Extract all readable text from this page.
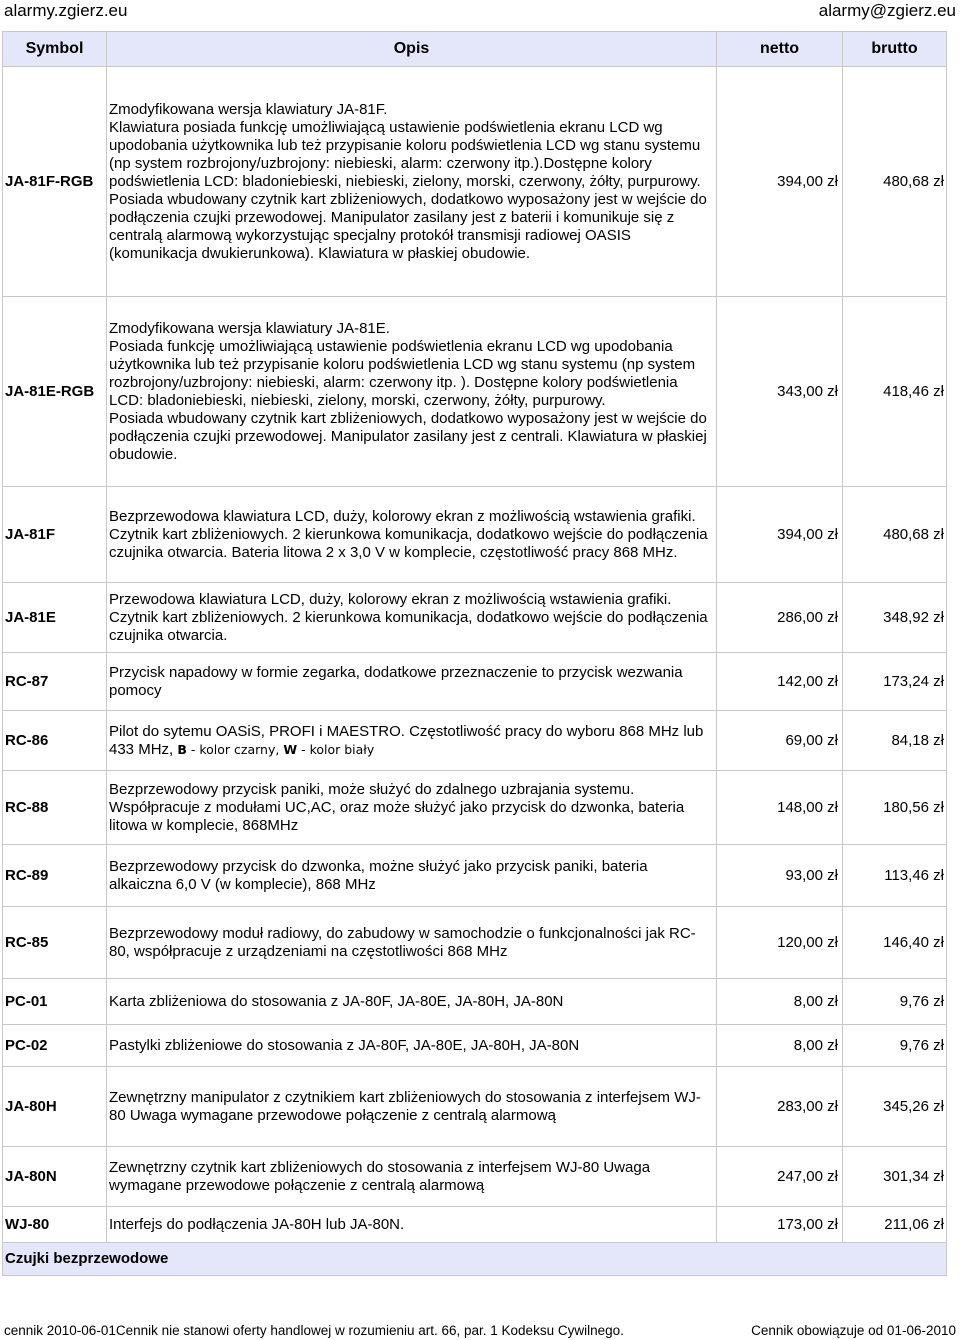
alarmy.zgierz.eu	alarmy@zgierz.eu
Symbol	Opis	netto	brutto
JA-81F-RGB	Zmodyfikowana wersja klawiatury JA-81F.

Klawiatura posiada funkcję umożliwiającą ustawienie podświetlenia ekranu LCD wg upodobania użytkownika lub też przypisanie koloru podświetlenia LCD wg stanu systemu (np system rozbrojony/uzbrojony: niebieski, alarm: czerwony itp.).Dostępne kolory podświetlenia LCD: bladoniebieski, niebieski, zielony, morski, czerwony, żółty, purpurowy.

Posiada wbudowany czytnik kart zbliżeniowych, dodatkowo wyposażony jest w wejście do podłączenia czujki przewodowej. Manipulator zasilany jest z baterii i komunikuje się z centralą alarmową wykorzystując specjalny protokół transmisji radiowej OASIS (komunikacja dwukierunkowa). Klawiatura w płaskiej obudowie.	394,00 zł	480,68 zł
JA-81E-RGB	Zmodyfikowana wersja klawiatury JA-81E.

Posiada funkcję umożliwiającą ustawienie podświetlenia ekranu LCD wg upodobania użytkownika lub też przypisanie koloru podświetlenia LCD wg stanu systemu (np system rozbrojony/uzbrojony: niebieski, alarm: czerwony itp. ). Dostępne kolory podświetlenia LCD: bladoniebieski, niebieski, zielony, morski, czerwony, żółty, purpurowy.

Posiada wbudowany czytnik kart zbliżeniowych, dodatkowo wyposażony jest w wejście do podłączenia czujki przewodowej. Manipulator zasilany jest z centrali. Klawiatura w płaskiej obudowie.	343,00 zł	418,46 zł
JA-81F	Bezprzewodowa klawiatura LCD, duży, kolorowy ekran z możliwością wstawienia grafiki. Czytnik kart zbliżeniowych. 2 kierunkowa komunikacja, dodatkowo wejście do podłączenia czujnika otwarcia. Bateria litowa 2 x 3,0 V w komplecie, częstotliwość pracy 868 MHz.	394,00 zł	480,68 zł
JA-81E	Przewodowa klawiatura LCD, duży, kolorowy ekran z możliwością wstawienia grafiki. Czytnik kart zbliżeniowych. 2 kierunkowa komunikacja, dodatkowo wejście do podłączenia czujnika otwarcia.	286,00 zł	348,92 zł
RC-87	Przycisk napadowy w formie zegarka, dodatkowe przeznaczenie to przycisk wezwania pomocy	142,00 zł	173,24 zł
RC-86	Pilot do sytemu OASiS, PROFI i MAESTRO. Częstotliwość pracy do wyboru 868 MHz lub 433 MHz, B - kolor czarny, W - kolor biały	69,00 zł	84,18 zł
RC-88	Bezprzewodowy przycisk paniki, może służyć do zdalnego uzbrajania systemu. Współpracuje z modułami UC,AC, oraz może służyć jako przycisk do dzwonka, bateria litowa w komplecie, 868MHz	148,00 zł	180,56 zł
RC-89	Bezprzewodowy przycisk do dzwonka, możne służyć jako przycisk paniki, bateria alkaiczna 6,0 V (w komplecie), 868 MHz	93,00 zł	113,46 zł
RC-85	Bezprzewodowy moduł radiowy, do zabudowy w samochodzie o funkcjonalności jak RC-80, współpracuje z urządzeniami na częstotliwości 868 MHz	120,00 zł	146,40 zł
PC-01	Karta zbliżeniowa do stosowania z JA-80F, JA-80E, JA-80H, JA-80N	8,00 zł	9,76 zł
PC-02	Pastylki zbliżeniowe do stosowania z JA-80F, JA-80E, JA-80H, JA-80N	8,00 zł	9,76 zł
JA-80H	Zewnętrzny manipulator z czytnikiem kart zbliżeniowych do stosowania z interfejsem WJ-80 Uwaga wymagane przewodowe połączenie z centralą alarmową	283,00 zł	345,26 zł
JA-80N	Zewnętrzny czytnik kart zbliżeniowych do stosowania z interfejsem WJ-80 Uwaga wymagane przewodowe połączenie z centralą alarmową	247,00 zł	301,34 zł
WJ-80	Interfejs do podłączenia JA-80H lub JA-80N.	173,00 zł	211,06 zł
Czujki bezprzewodowe			
cennik 2010-06-01Cennik nie stanowi oferty handlowej w rozumieniu art. 66, par. 1 Kodeksu Cywilnego.	Cennik obowiązuje od 01-06-2010
